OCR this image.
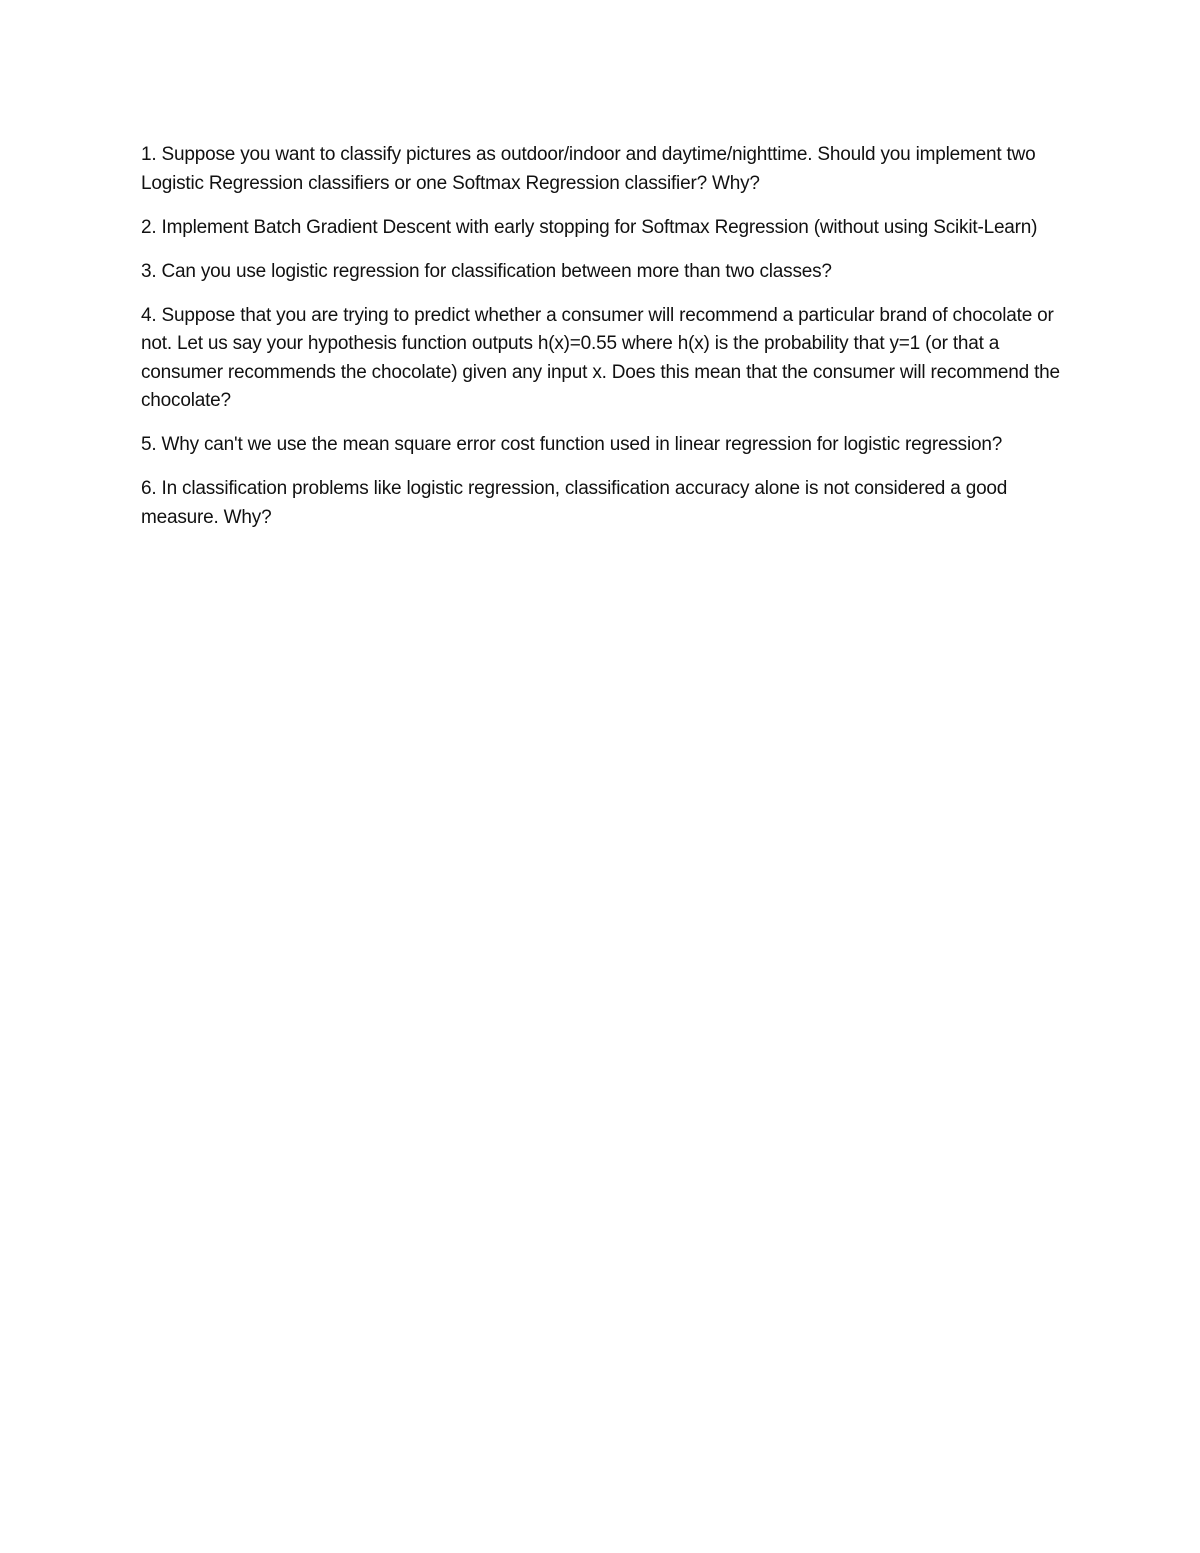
1. Suppose you want to classify pictures as outdoor/indoor and daytime/nighttime. Should you implement two Logistic Regression classifiers or one Softmax Regression classifier? Why?

2. Implement Batch Gradient Descent with early stopping for Softmax Regression (without using Scikit-Learn)

3. Can you use logistic regression for classification between more than two classes?

4. Suppose that you are trying to predict whether a consumer will recommend a particular brand of chocolate or not. Let us say your hypothesis function outputs h(x)=0.55 where h(x) is the probability that y=1 (or that a consumer recommends the chocolate) given any input x. Does this mean that the consumer will recommend the chocolate?

5. Why can't we use the mean square error cost function used in linear regression for logistic regression?

6. In classification problems like logistic regression, classification accuracy alone is not considered a good measure. Why?
